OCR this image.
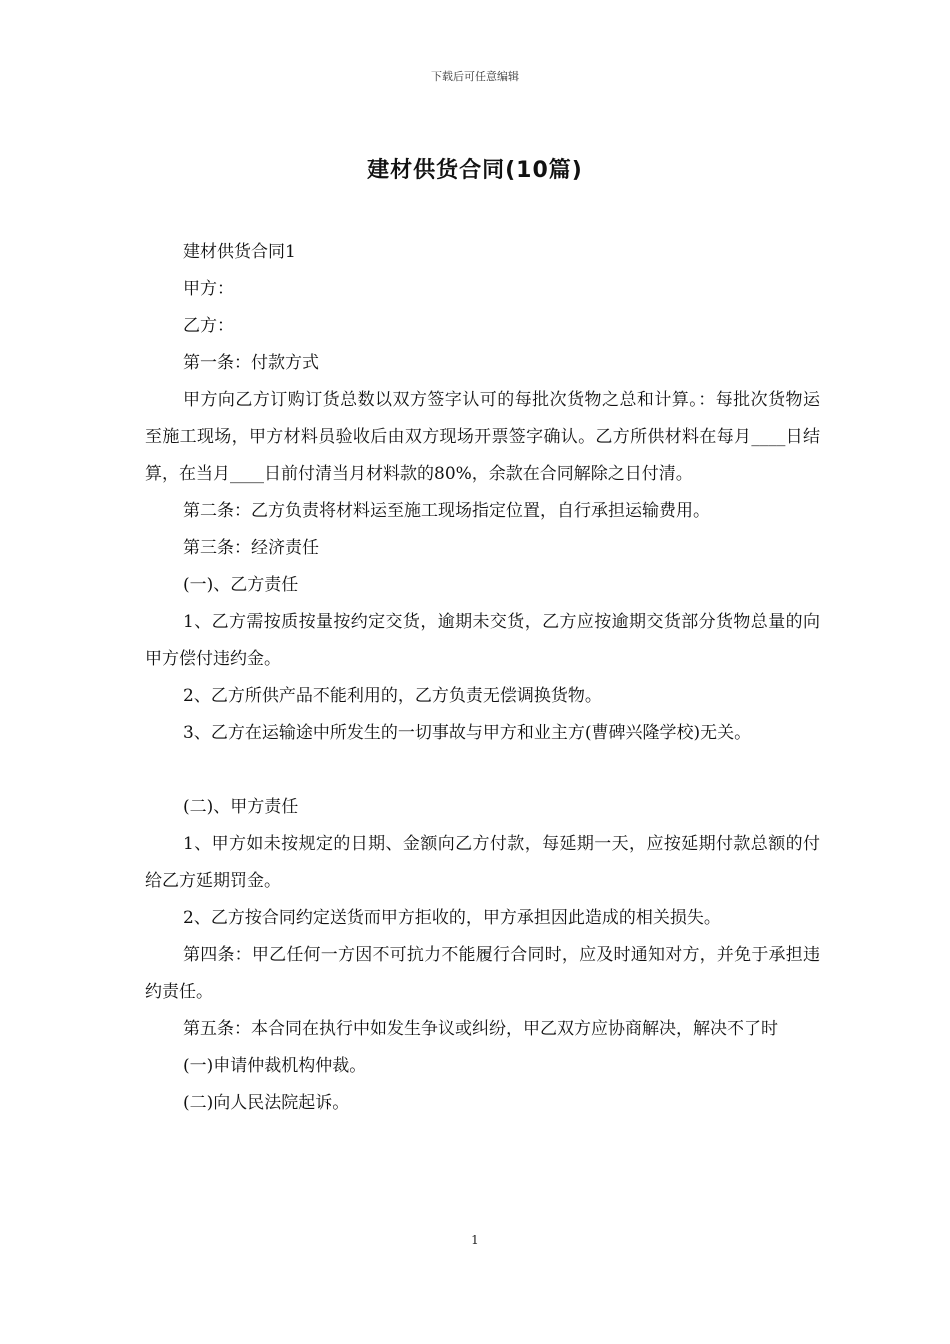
下载后可任意编辑
建材供货合同(10篇)

建材供货合同1

甲方：

乙方：

第一条：付款方式

甲方向乙方订购订货总数以双方签字认可的每批次货物之总和计算。：每批次货物运至施工现场，甲方材料员验收后由双方现场开票签字确认。乙方所供材料在每月____日结算，在当月____日前付清当月材料款的80%，余款在合同解除之日付清。

第二条：乙方负责将材料运至施工现场指定位置，自行承担运输费用。

第三条：经济责任

(一)、乙方责任

1、乙方需按质按量按约定交货，逾期未交货，乙方应按逾期交货部分货物总量的向甲方偿付违约金。

2、乙方所供产品不能利用的，乙方负责无偿调换货物。

3、乙方在运输途中所发生的一切事故与甲方和业主方(曹碑兴隆学校)无关。

(二)、甲方责任

1、甲方如未按规定的日期、金额向乙方付款，每延期一天，应按延期付款总额的付给乙方延期罚金。

2、乙方按合同约定送货而甲方拒收的，甲方承担因此造成的相关损失。

第四条：甲乙任何一方因不可抗力不能履行合同时，应及时通知对方，并免于承担违约责任。

第五条：本合同在执行中如发生争议或纠纷，甲乙双方应协商解决，解决不了时

(一)申请仲裁机构仲裁。

(二)向人民法院起诉。

1
